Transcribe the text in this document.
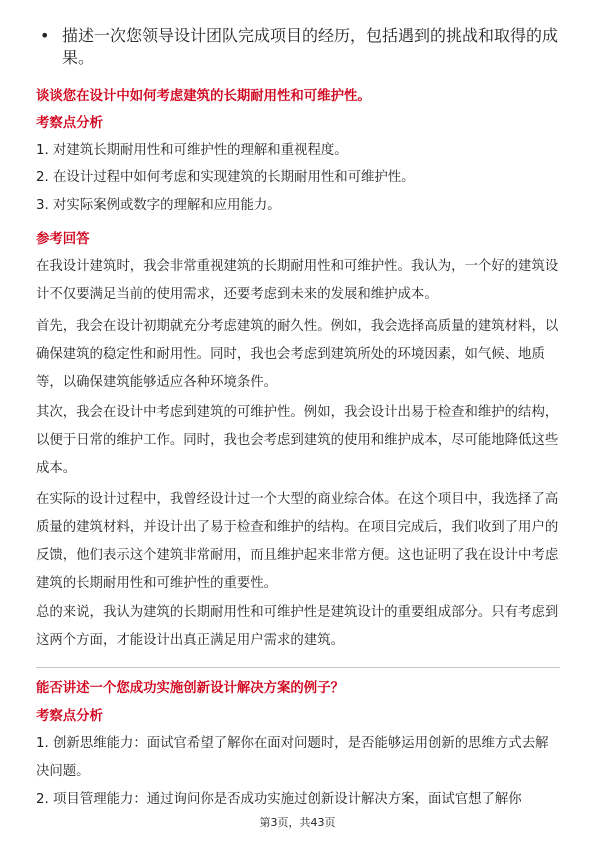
• 描述一次您领导设计团队完成项目的经历，包括遇到的挑战和取得的成果。
谈谈您在设计中如何考虑建筑的长期耐用性和可维护性。
考察点分析
1. 对建筑长期耐用性和可维护性的理解和重视程度。
2. 在设计过程中如何考虑和实现建筑的长期耐用性和可维护性。
3. 对实际案例或数字的理解和应用能力。
参考回答
在我设计建筑时，我会非常重视建筑的长期耐用性和可维护性。我认为，一个好的建筑设计不仅要满足当前的使用需求，还要考虑到未来的发展和维护成本。
首先，我会在设计初期就充分考虑建筑的耐久性。例如，我会选择高质量的建筑材料，以确保建筑的稳定性和耐用性。同时，我也会考虑到建筑所处的环境因素，如气候、地质等，以确保建筑能够适应各种环境条件。
其次，我会在设计中考虑到建筑的可维护性。例如，我会设计出易于检查和维护的结构，以便于日常的维护工作。同时，我也会考虑到建筑的使用和维护成本，尽可能地降低这些成本。
在实际的设计过程中，我曾经设计过一个大型的商业综合体。在这个项目中，我选择了高质量的建筑材料，并设计出了易于检查和维护的结构。在项目完成后，我们收到了用户的反馈，他们表示这个建筑非常耐用，而且维护起来非常方便。这也证明了我在设计中考虑建筑的长期耐用性和可维护性的重要性。
总的来说，我认为建筑的长期耐用性和可维护性是建筑设计的重要组成部分。只有考虑到这两个方面，才能设计出真正满足用户需求的建筑。
能否讲述一个您成功实施创新设计解决方案的例子？
考察点分析
1. 创新思维能力：面试官希望了解你在面对问题时，是否能够运用创新的思维方式去解决问题。
2. 项目管理能力：通过询问你是否成功实施过创新设计解决方案，面试官想了解你
第3页，共43页
